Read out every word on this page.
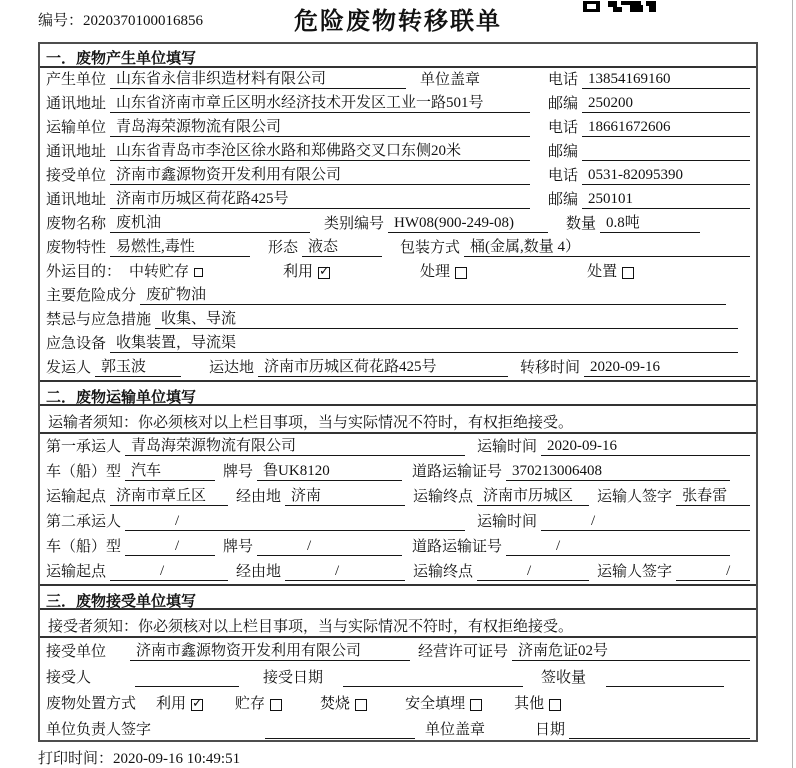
编号：2020370100016856	危险废物转移联单
一．废物产生单位填写
产生单位 山东省永信非织造材料有限公司	单位盖章	电话 13854169160
通讯地址 山东省济南市章丘区明水经济技术开发区工业一路501号	邮编 250200
运输单位 青岛海荣源物流有限公司	电话 18661672606
通讯地址 山东省青岛市李沧区徐水路和郑佛路交叉口东侧20米	邮编
接受单位 济南市鑫源物资开发利用有限公司	电话 0531-82095390
通讯地址 济南市历城区荷花路425号	邮编 250101
废物名称 废机油	类别编号 HW08(900-249-08)	数量 0.8吨
废物特性 易燃性,毒性	形态 液态	包装方式 桶(金属,数量 4）
外运目的： 中转贮存	利用 ✓	处理	处置
主要危险成分 废矿物油
禁忌与应急措施 收集、导流
应急设备 收集装置，导流渠
发运人 郭玉波	运达地 济南市历城区荷花路425号	转移时间 2020-09-16
二．废物运输单位填写
运输者须知：你必须核对以上栏目事项，当与实际情况不符时，有权拒绝接受。
第一承运人 青岛海荣源物流有限公司	运输时间 2020-09-16
车（船）型 汽车	牌号 鲁UK8120	道路运输证号 370213006408
运输起点 济南市章丘区	经由地 济南	运输终点 济南市历城区	运输人签字 张春雷
第二承运人	/	运输时间	/
车（船）型	/	牌号	/	道路运输证号	/
运输起点	/	经由地	/	运输终点	/	运输人签字	/
三．废物接受单位填写
接受者须知：你必须核对以上栏目事项，当与实际情况不符时，有权拒绝接受。
接受单位	济南市鑫源物资开发利用有限公司	经营许可证号 济南危证02号
接受人	接受日期	签收量
废物处置方式 利用 ✓	贮存	焚烧	安全填埋	其他
单位负责人签字	单位盖章	日期
打印时间：2020-09-16 10:49:51
